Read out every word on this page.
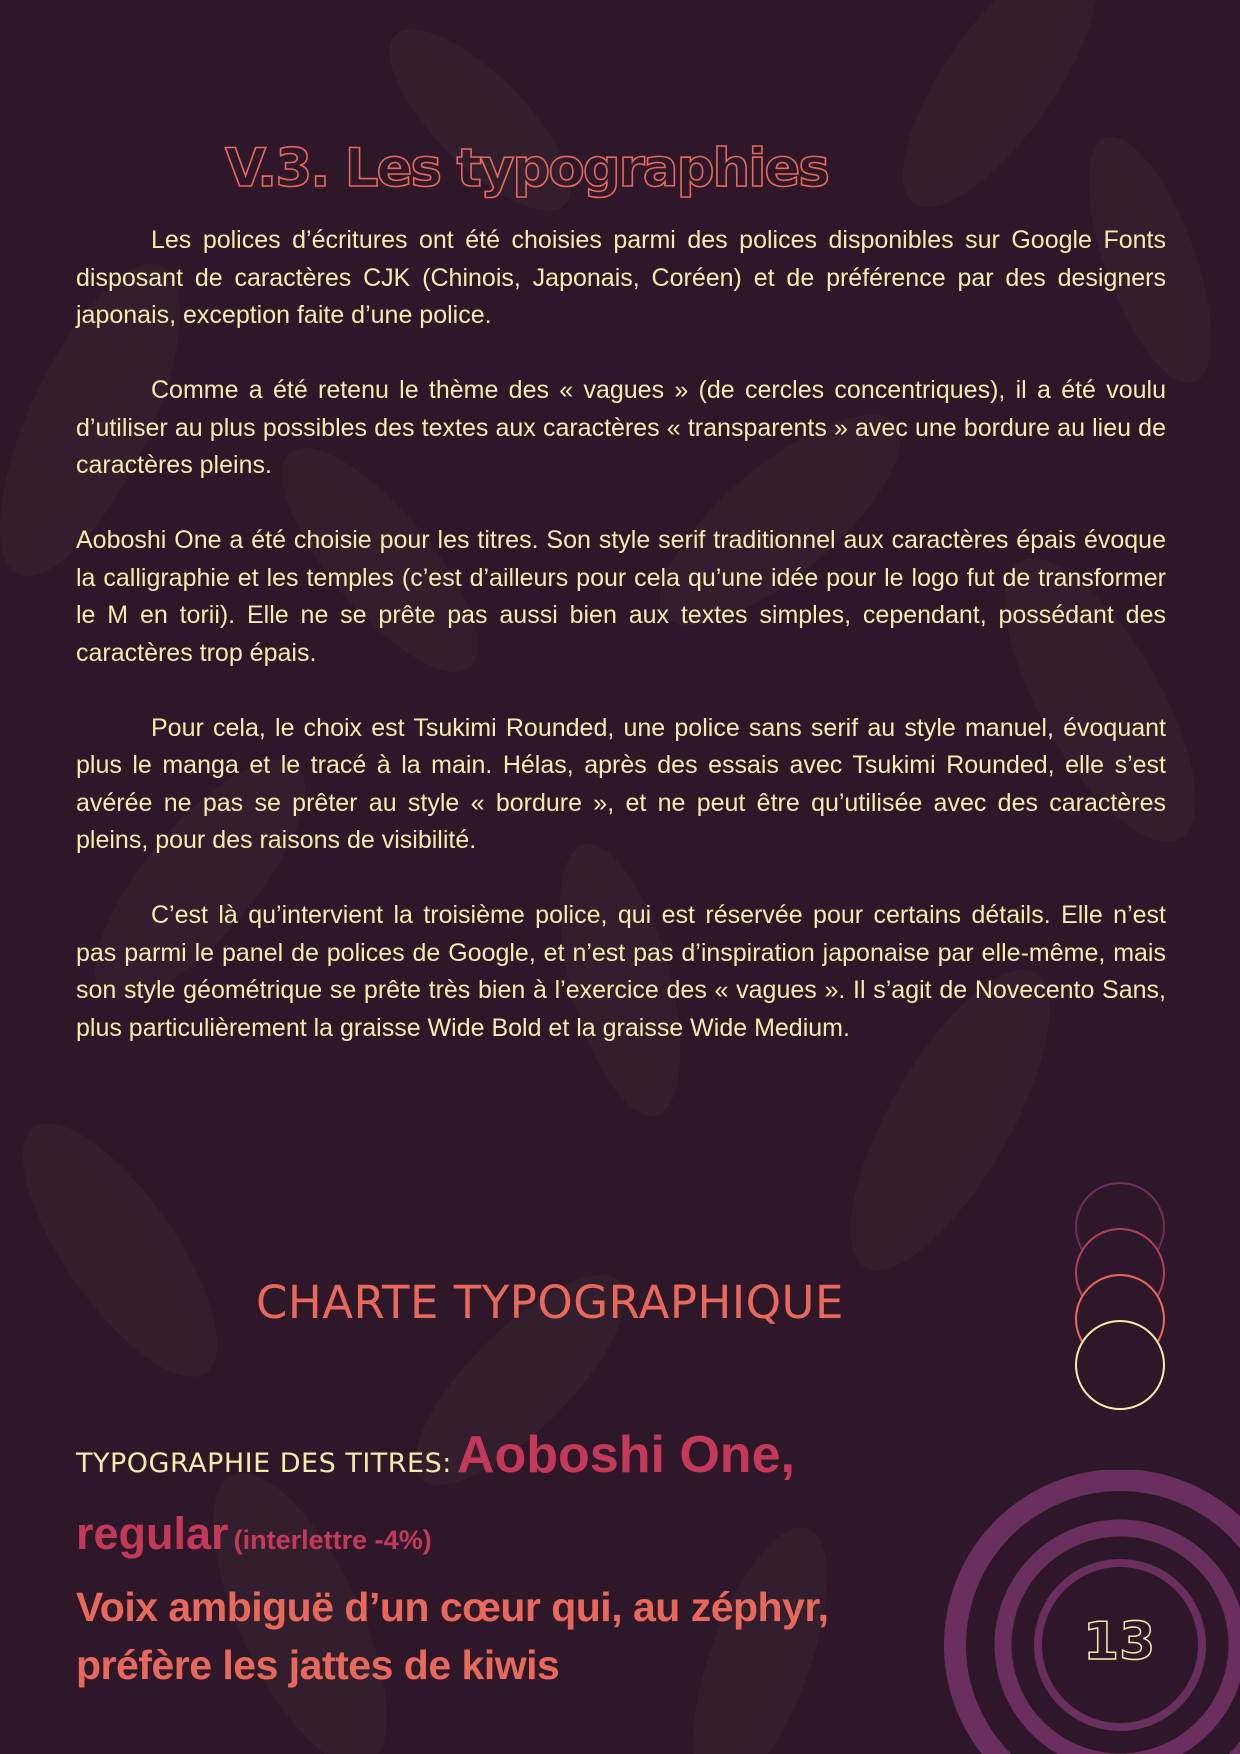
V.3. Les typographies

Les polices d’écritures ont été choisies parmi des polices disponibles sur Google Fonts disposant de caractères CJK (Chinois, Japonais, Coréen) et de préférence par des designers japonais, exception faite d’une police.

Comme a été retenu le thème des « vagues » (de cercles concentriques), il a été voulu d’utiliser au plus possibles des textes aux caractères « transparents » avec une bordure au lieu de caractères pleins.

Aoboshi One a été choisie pour les titres. Son style serif traditionnel aux caractères épais évoque la calligraphie et les temples (c’est d’ailleurs pour cela qu’une idée pour le logo fut de transformer le M en torii). Elle ne se prête pas aussi bien aux textes simples, cependant, possédant des caractères trop épais.

Pour cela, le choix est Tsukimi Rounded, une police sans serif au style manuel, évoquant plus le manga et le tracé à la main. Hélas, après des essais avec Tsukimi Rounded, elle s’est avérée ne pas se prêter au style « bordure », et ne peut être qu’utilisée avec des caractères pleins, pour des raisons de visibilité.

C’est là qu’intervient la troisième police, qui est réservée pour certains détails. Elle n’est pas parmi le panel de polices de Google, et n’est pas d’inspiration japonaise par elle-même, mais son style géométrique se prête très bien à l’exercice des « vagues ». Il s’agit de Novecento Sans, plus particulièrement la graisse Wide Bold et la graisse Wide Medium.

CHARTE TYPOGRAPHIQUE
TYPOGRAPHIE DES TITRES: Aoboshi One,
regular (interlettre -4%)
Voix ambiguë d’un cœur qui, au zéphyr, préfère les jattes de kiwis	13
